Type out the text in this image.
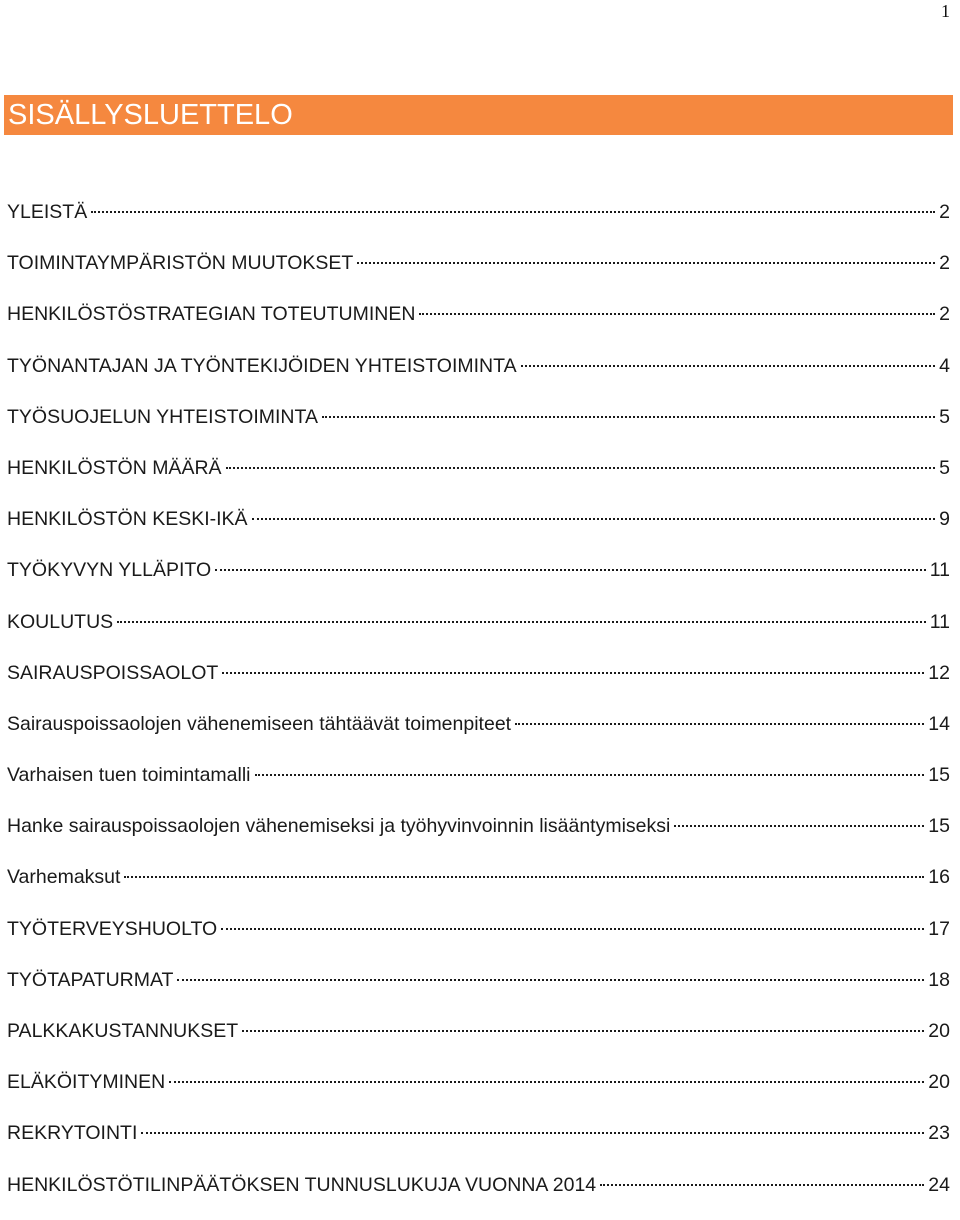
1
SISÄLLYSLUETTELO
YLEISTÄ	2
TOIMINTAYMPÄRISTÖN MUUTOKSET	2
HENKILÖSTÖSTRATEGIAN TOTEUTUMINEN	2
TYÖNANTAJAN JA TYÖNTEKIJÖIDEN YHTEISTOIMINTA	4
TYÖSUOJELUN YHTEISTOIMINTA	5
HENKILÖSTÖN MÄÄRÄ	5
HENKILÖSTÖN KESKI-IKÄ	9
TYÖKYVYN YLLÄPITO	11
KOULUTUS	11
SAIRAUSPOISSAOLOT	12
Sairauspoissaolojen vähenemiseen tähtäävät toimenpiteet	14
Varhaisen tuen toimintamalli	15
Hanke sairauspoissaolojen vähenemiseksi ja työhyvinvoinnin lisääntymiseksi	15
Varhemaksut	16
TYÖTERVEYSHUOLTO	17
TYÖTAPATURMAT	18
PALKKAKUSTANNUKSET	20
ELÄKÖITYMINEN	20
REKRYTOINTI	23
HENKILÖSTÖTILINPÄÄTÖKSEN TUNNUSLUKUJA VUONNA 2014	24
